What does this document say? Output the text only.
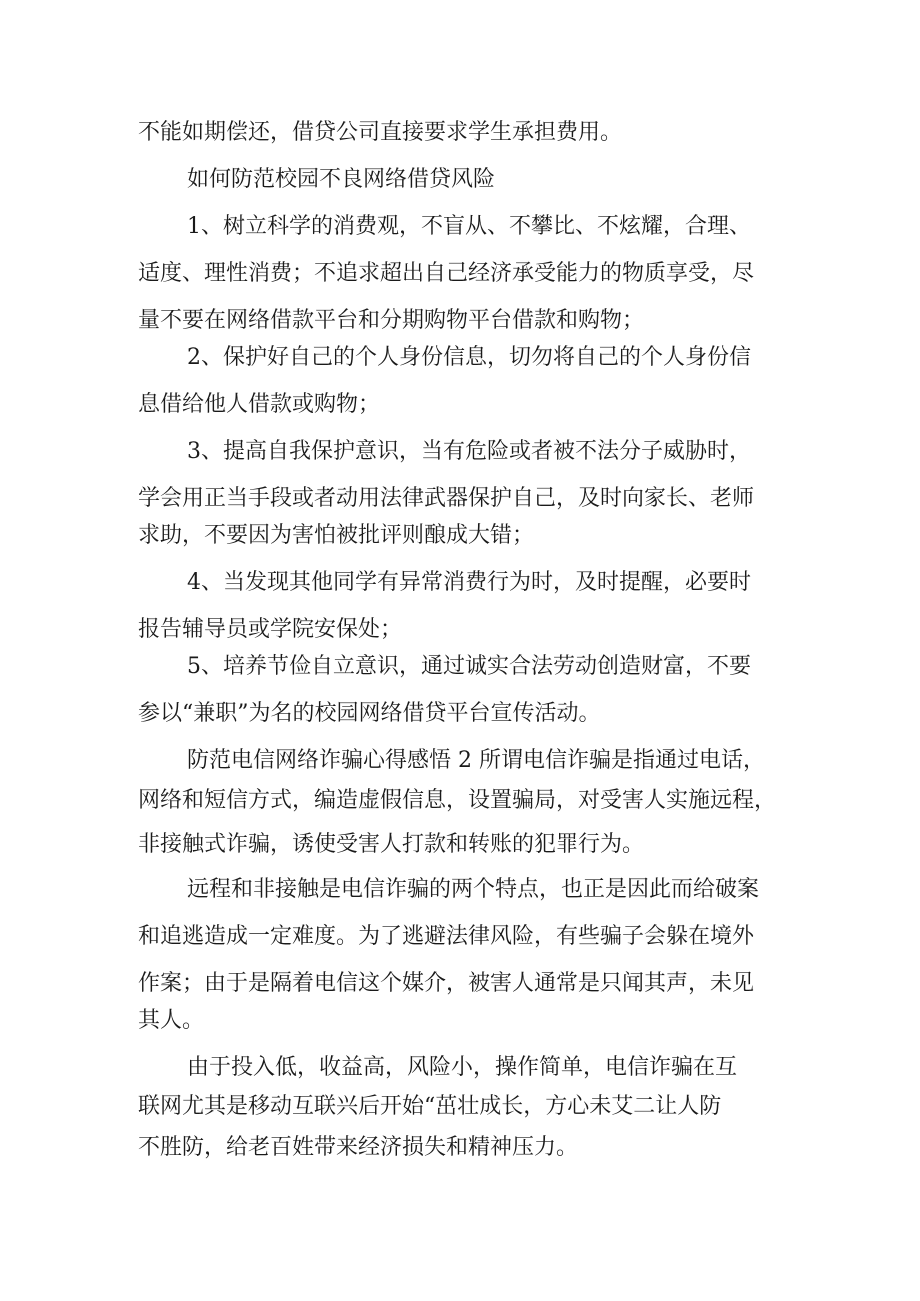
不能如期偿还，借贷公司直接要求学生承担费用。
如何防范校园不良网络借贷风险
1、树立科学的消费观，不盲从、不攀比、不炫耀，合理、
适度、理性消费；不追求超出自己经济承受能力的物质享受，尽
量不要在网络借款平台和分期购物平台借款和购物；
2、保护好自己的个人身份信息，切勿将自己的个人身份信
息借给他人借款或购物；
3、提高自我保护意识，当有危险或者被不法分子威胁时，
学会用正当手段或者动用法律武器保护自己，及时向家长、老师
求助，不要因为害怕被批评则酿成大错；
4、当发现其他同学有异常消费行为时，及时提醒，必要时
报告辅导员或学院安保处；
5、培养节俭自立意识，通过诚实合法劳动创造财富，不要
参以“兼职”为名的校园网络借贷平台宣传活动。
防范电信网络诈骗心得感悟 2 所谓电信诈骗是指通过电话，
网络和短信方式，编造虚假信息，设置骗局，对受害人实施远程，
非接触式诈骗，诱使受害人打款和转账的犯罪行为。
远程和非接触是电信诈骗的两个特点，也正是因此而给破案
和追逃造成一定难度。为了逃避法律风险，有些骗子会躲在境外
作案；由于是隔着电信这个媒介，被害人通常是只闻其声，未见
其人。
由于投入低，收益高，风险小，操作简单，电信诈骗在互
联网尤其是移动互联兴后开始“茁壮成长，方心未艾二让人防
不胜防，给老百姓带来经济损失和精神压力。
